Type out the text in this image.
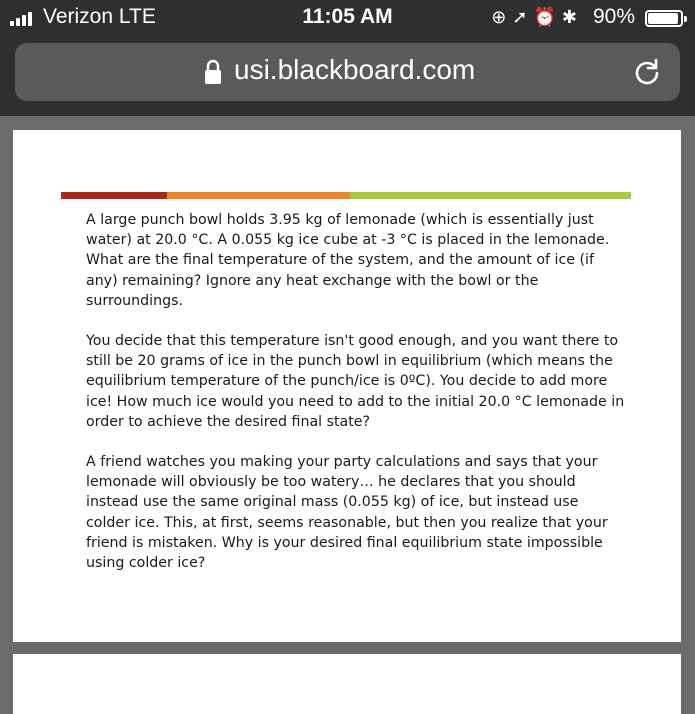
Verizon LTE	11:05 AM	⊕➚⏰✱ 90%
usi.blackboard.com
A large punch bowl holds 3.95 kg of lemonade (which is essentially just water) at 20.0 °C. A 0.055 kg ice cube at -3 °C is placed in the lemonade. What are the final temperature of the system, and the amount of ice (if any) remaining? Ignore any heat exchange with the bowl or the surroundings.
You decide that this temperature isn't good enough, and you want there to still be 20 grams of ice in the punch bowl in equilibrium (which means the equilibrium temperature of the punch/ice is 0ºC). You decide to add more ice! How much ice would you need to add to the initial 20.0 °C lemonade in order to achieve the desired final state?
A friend watches you making your party calculations and says that your lemonade will obviously be too watery… he declares that you should instead use the same original mass (0.055 kg) of ice, but instead use colder ice. This, at first, seems reasonable, but then you realize that your friend is mistaken. Why is your desired final equilibrium state impossible using colder ice?
